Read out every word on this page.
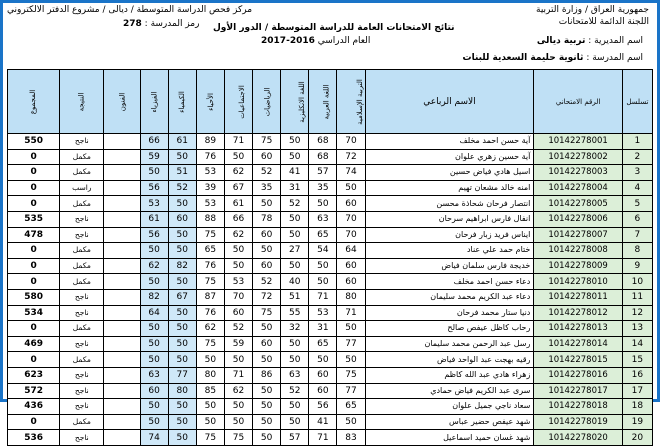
جمهورية العراق / وزارة التربية
اللجنة الدائمة للامتحانات
مركز فحص الدراسة المتوسطة / ديالى / مشروع الدفتر الالكتروني
رمز المدرسة : 278	نتائج الامتحانات العامة للدراسة المتوسطة / الدور الأول
العام الدراسي 2016-2017	اسم المديرية : تربية ديالى
اسم المدرسة : ثانوية حليمة السعدية للبنات
المجموع	النتيجة	الفنون	الفيزياء	الكيمياء	الأحياء	الاجتماعيات	الرياضيات	اللغة الانكليزية	اللغة العربية	التربية الإسلامية	الاسم الرباعي	الرقم الامتحاني	تسلسل
550	ناجح		66	61	89	71	75	50	68	70	آية حسن احمد مخلف	10142278001	1
0	مكمل		59	50	76	50	60	50	68	72	آية حسين زهري علوان	10142278002	2
0	مكمل		50	51	53	62	52	41	57	74	اسيل هادي فياض حسين	10142278003	3
0	راسب		56	52	39	67	35	31	35	50	امنه خالد مشعان تهيم	10142278004	4
0	مكمل		53	50	53	61	50	52	50	60	انتصار فرحان شحاذة محسن	10142278005	5
535	ناجح		61	60	88	66	78	50	63	70	انفال فارس ابراهيم سرحان	10142278006	6
478	ناجح		56	50	75	62	60	50	65	70	ايناس فريد زبار فرحان	10142278007	7
0	مكمل		50	50	65	50	50	27	54	64	ختام حمد علي عناد	10142278008	8
0	مكمل		62	82	76	50	60	50	50	60	خديجة فارس سلمان فياض	10142278009	9
0	مكمل		50	50	75	53	52	40	50	60	دعاء حسن احمد مخلف	10142278010	10
580	ناجح		82	67	87	70	72	51	71	80	دعاء عبد الكريم محمد سليمان	10142278011	11
534	ناجح		64	50	76	60	75	55	53	71	دنيا ستار محمد فرحان	10142278012	12
0	مكمل		50	50	62	52	50	32	31	50	رحاب كاظل عيفص صالح	10142278013	13
469	ناجح		50	50	75	59	60	50	65	77	رسل عبد الرحمن محمد سليمان	10142278014	14
0	مكمل		50	50	50	50	50	50	50	50	رقيه بهجت عبد الواحد فياض	10142278015	15
623	ناجح		63	77	80	71	86	63	60	75	زهراء هادي عبد الله كاظم	10142278016	16
572	ناجح		60	80	85	62	50	52	60	77	سرى عبد الكريم فياض حمادي	10142278017	17
436	ناجح		50	50	50	50	50	50	56	65	سعاد ناجي جميل علوان	10142278018	18
0	مكمل		50	50	50	50	50	50	41	50	شهد عيفص حضير عباس	10142278019	19
536	ناجح		74	50	75	75	50	57	71	83	شهد غسان حميد اسماعيل	10142278020	20
